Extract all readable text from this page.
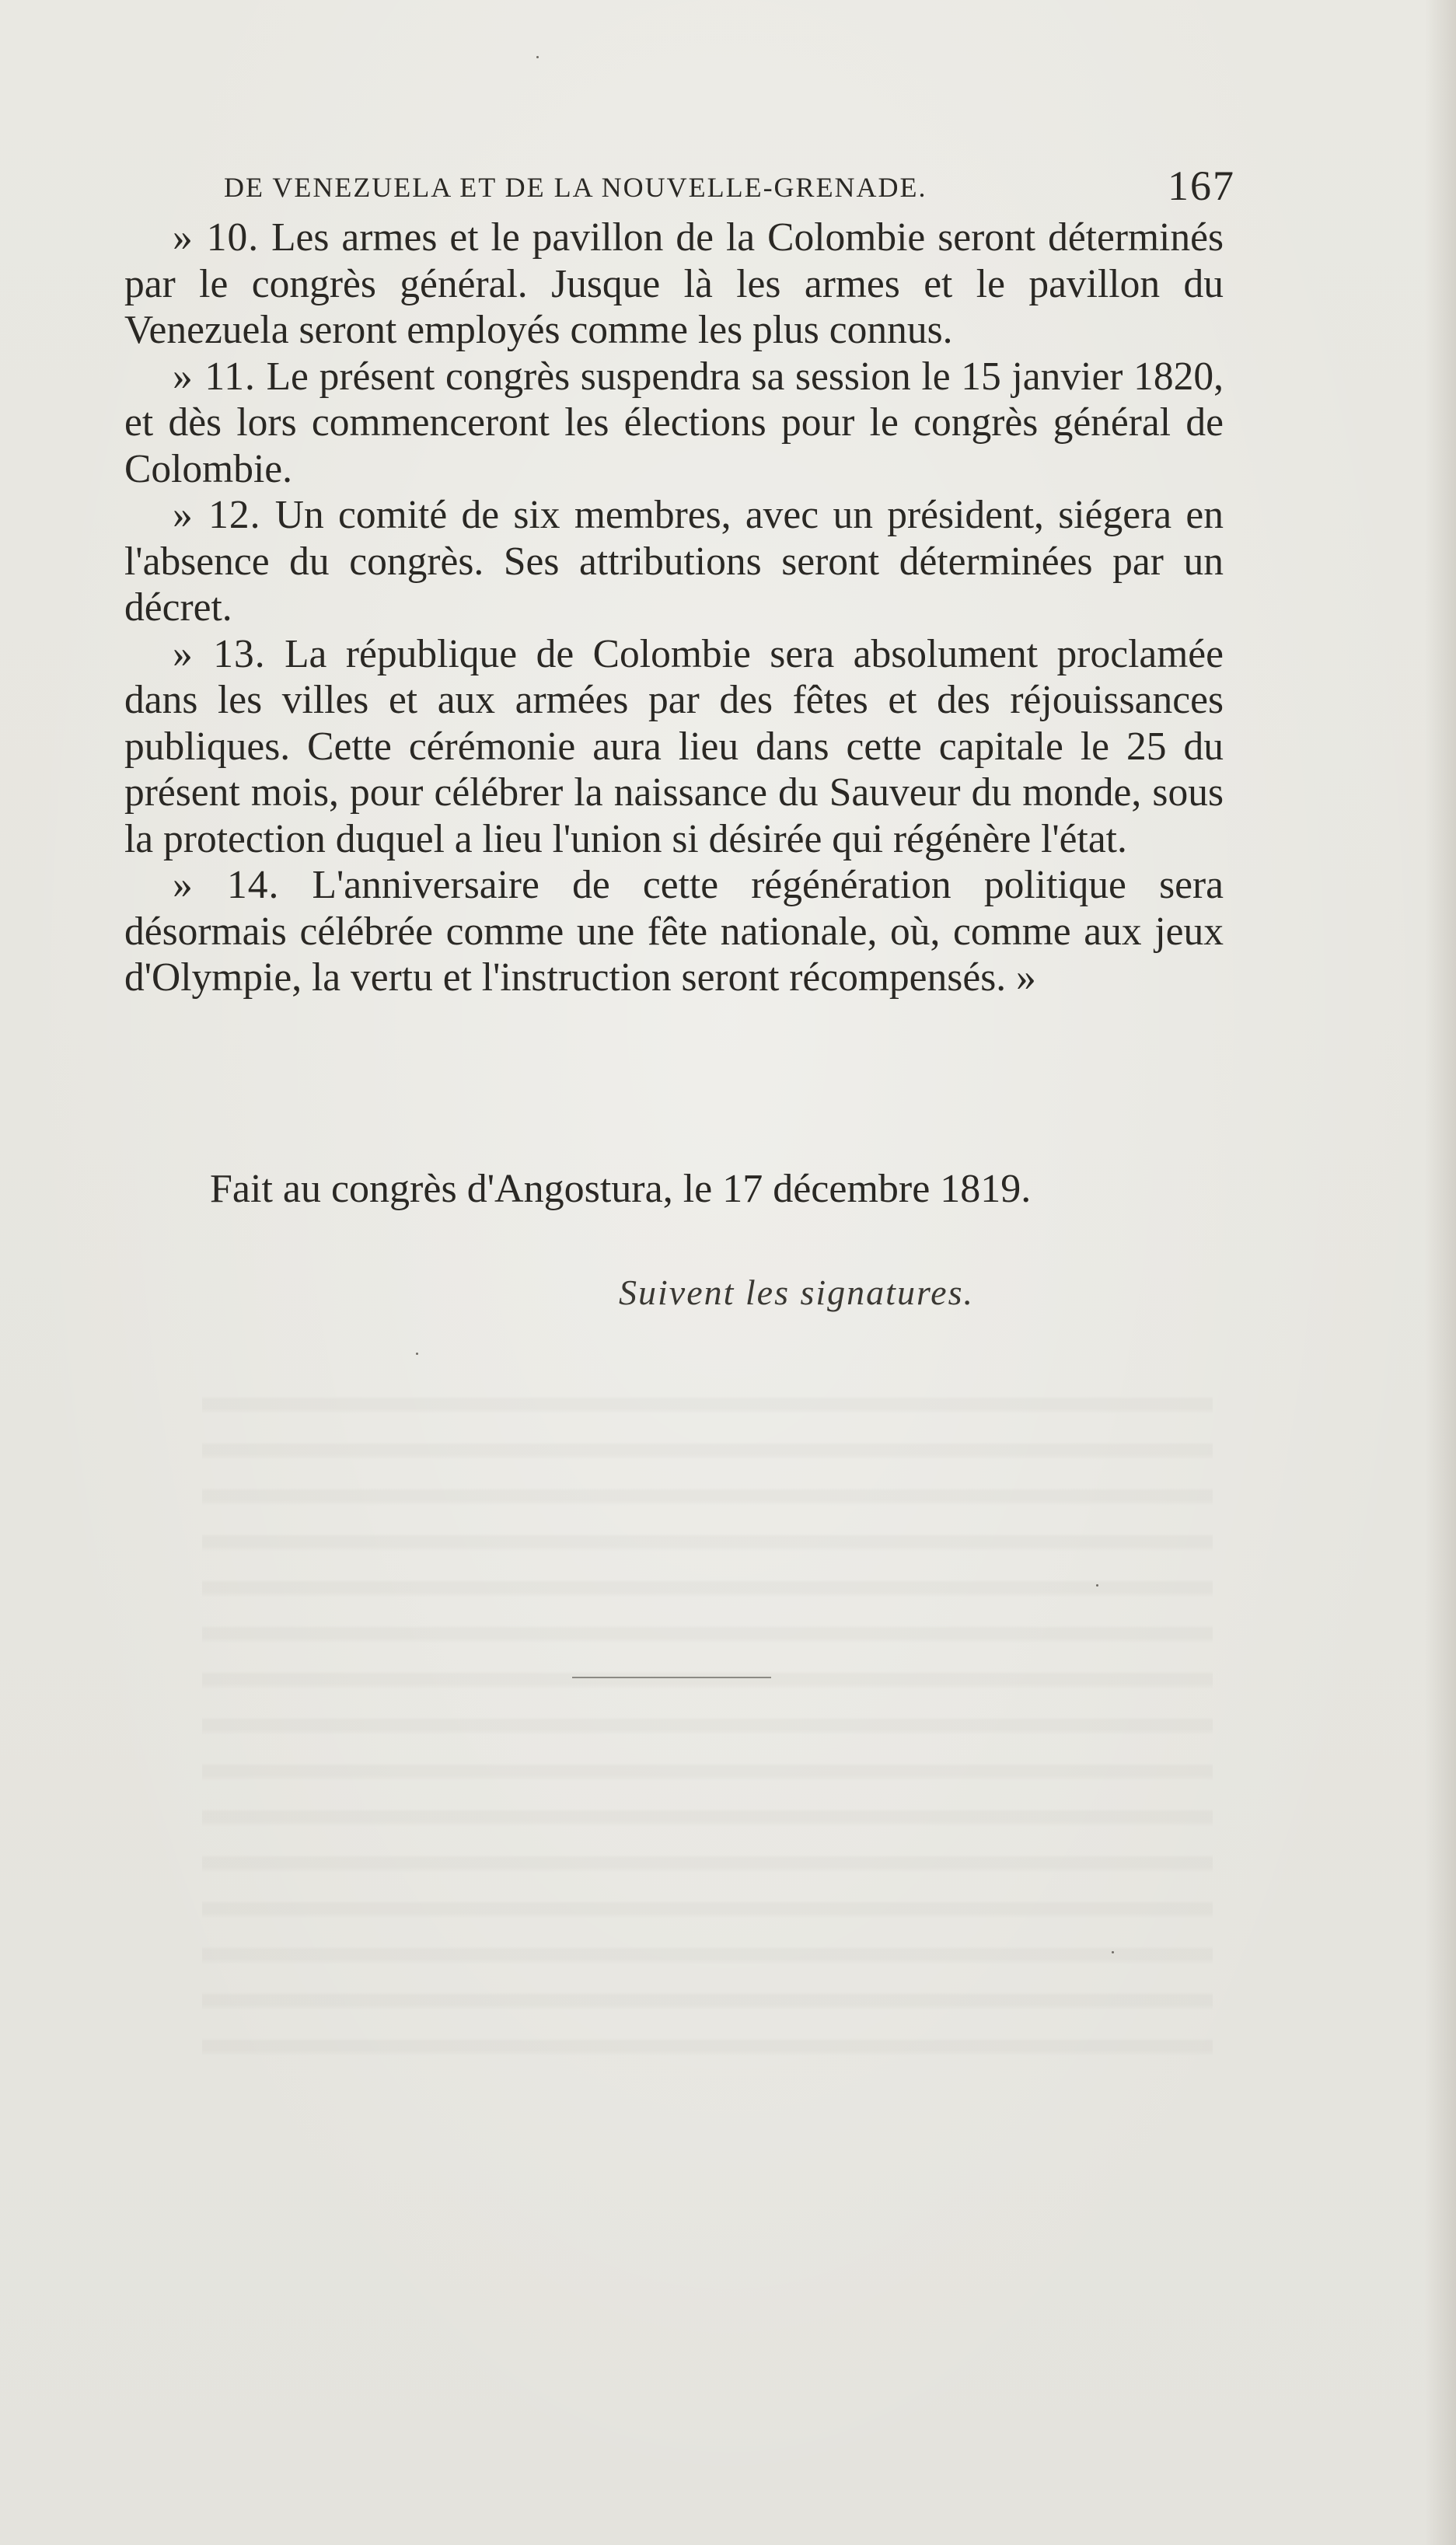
DE VENEZUELA ET DE LA NOUVELLE-GRENADE.	167

» 10. Les armes et le pavillon de la Colombie seront déterminés par le congrès général. Jusque là les armes et le pavillon du Venezuela seront employés comme les plus connus.

» 11. Le présent congrès suspendra sa session le 15 janvier 1820, et dès lors commenceront les élections pour le congrès général de Colombie.

» 12. Un comité de six membres, avec un président, siégera en l'absence du congrès. Ses attributions seront déterminées par un décret.

» 13. La république de Colombie sera absolument proclamée dans les villes et aux armées par des fêtes et des réjouissances publiques. Cette cérémonie aura lieu dans cette capitale le 25 du présent mois, pour célébrer la naissance du Sauveur du monde, sous la protection duquel a lieu l'union si désirée qui régénère l'état.

» 14. L'anniversaire de cette régénération politique sera désormais célébrée comme une fête nationale, où, comme aux jeux d'Olympie, la vertu et l'instruction seront récompensés. »

Fait au congrès d'Angostura, le 17 décembre 1819.
Suivent les signatures.
